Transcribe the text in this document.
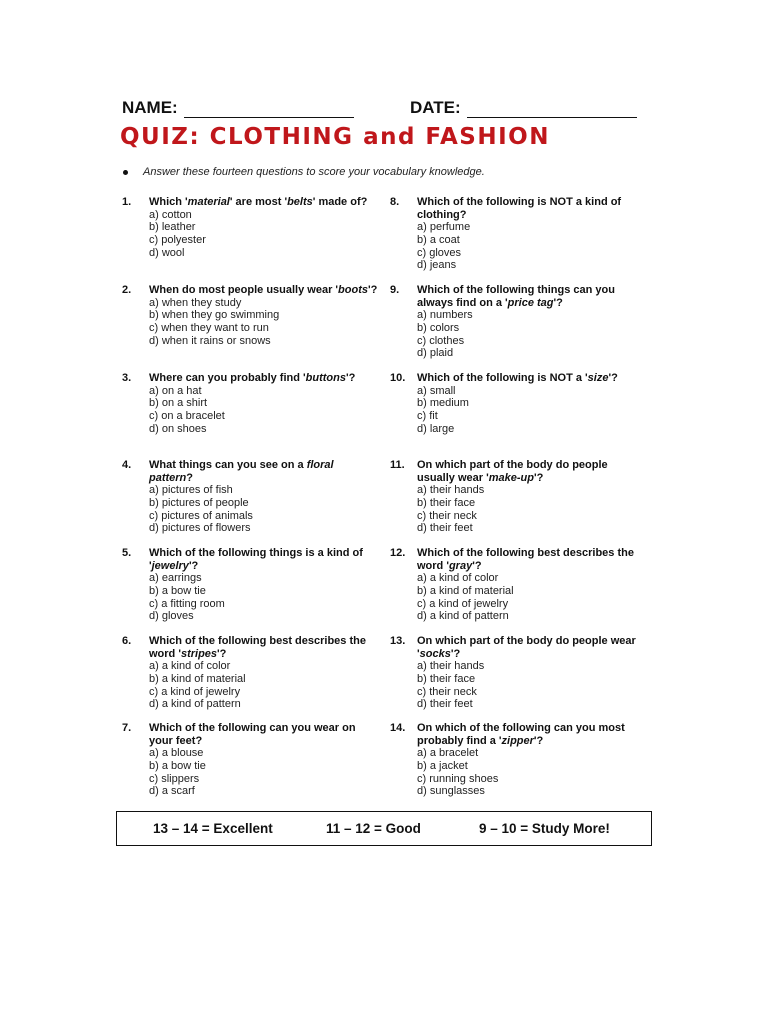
NAME:	DATE:
QUIZ: CLOTHING and FASHION
Answer these fourteen questions to score your vocabulary knowledge.
1.	Which 'material' are most 'belts' made of?
a) cotton
b) leather
c) polyester
d) wool
2.	When do most people usually wear 'boots'?
a) when they study
b) when they go swimming
c) when they want to run
d) when it rains or snows
3.	Where can you probably find 'buttons'?
a) on a hat
b) on a shirt
c) on a bracelet
d) on shoes
4.	What things can you see on a floral pattern?
a) pictures of fish
b) pictures of people
c) pictures of animals
d) pictures of flowers
5.	Which of the following things is a kind of 'jewelry'?
a) earrings
b) a bow tie
c) a fitting room
d) gloves
6.	Which of the following best describes the word 'stripes'?
a) a kind of color
b) a kind of material
c) a kind of jewelry
d) a kind of pattern
7.	Which of the following can you wear on your feet?
a) a blouse
b) a bow tie
c) slippers
d) a scarf
8.	Which of the following is NOT a kind of clothing?
a) perfume
b) a coat
c) gloves
d) jeans
9.	Which of the following things can you always find on a 'price tag'?
a) numbers
b) colors
c) clothes
d) plaid
10.	Which of the following is NOT a 'size'?
a) small
b) medium
c) fit
d) large
11.	On which part of the body do people usually wear 'make-up'?
a) their hands
b) their face
c) their neck
d) their feet
12.	Which of the following best describes the word 'gray'?
a) a kind of color
b) a kind of material
c) a kind of jewelry
d) a kind of pattern
13.	On which part of the body do people wear 'socks'?
a) their hands
b) their face
c) their neck
d) their feet
14.	On which of the following can you most probably find a 'zipper'?
a) a bracelet
b) a jacket
c) running shoes
d) sunglasses
13 – 14 = Excellent	11 – 12 = Good	9 – 10 = Study More!
